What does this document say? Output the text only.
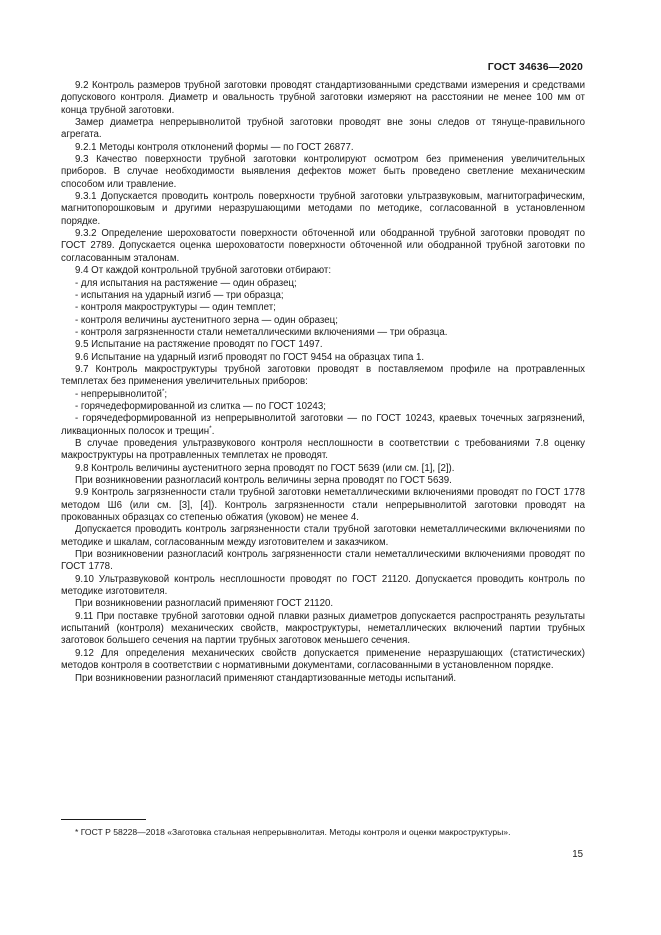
ГОСТ 34636—2020

9.2 Контроль размеров трубной заготовки проводят стандартизованными средствами измерения и средствами допускового контроля. Диаметр и овальность трубной заготовки измеряют на расстоянии не менее 100 мм от конца трубной заготовки.

Замер диаметра непрерывнолитой трубной заготовки проводят вне зоны следов от тянуще-правильного агрегата.

9.2.1 Методы контроля отклонений формы — по ГОСТ 26877.

9.3 Качество поверхности трубной заготовки контролируют осмотром без применения увеличительных приборов. В случае необходимости выявления дефектов может быть проведено светление механическим способом или травление.

9.3.1 Допускается проводить контроль поверхности трубной заготовки ультразвуковым, магнитографическим, магнитопорошковым и другими неразрушающими методами по методике, согласованной в установленном порядке.

9.3.2 Определение шероховатости поверхности обточенной или ободранной трубной заготовки проводят по ГОСТ 2789. Допускается оценка шероховатости поверхности обточенной или ободранной трубной заготовки по согласованным эталонам.

9.4 От каждой контрольной трубной заготовки отбирают:

- для испытания на растяжение — один образец;

- испытания на ударный изгиб — три образца;

- контроля макроструктуры — один темплет;

- контроля величины аустенитного зерна — один образец;

- контроля загрязненности стали неметаллическими включениями — три образца.

9.5 Испытание на растяжение проводят по ГОСТ 1497.

9.6 Испытание на ударный изгиб проводят по ГОСТ 9454 на образцах типа 1.

9.7 Контроль макроструктуры трубной заготовки проводят в поставляемом профиле на протравленных темплетах без применения увеличительных приборов:

- непрерывнолитой*;

- горячедеформированной из слитка — по ГОСТ 10243;

- горячедеформированной из непрерывнолитой заготовки — по ГОСТ 10243, краевых точечных загрязнений, ликвационных полосок и трещин*.

В случае проведения ультразвукового контроля несплошности в соответствии с требованиями 7.8 оценку макроструктуры на протравленных темплетах не проводят.

9.8 Контроль величины аустенитного зерна проводят по ГОСТ 5639 (или см. [1], [2]).

При возникновении разногласий контроль величины зерна проводят по ГОСТ 5639.

9.9 Контроль загрязненности стали трубной заготовки неметаллическими включениями проводят по ГОСТ 1778 методом Ш6 (или см. [3], [4]). Контроль загрязненности стали непрерывнолитой заготовки проводят на прокованных образцах со степенью обжатия (уковом) не менее 4.

Допускается проводить контроль загрязненности стали трубной заготовки неметаллическими включениями по методике и шкалам, согласованным между изготовителем и заказчиком.

При возникновении разногласий контроль загрязненности стали неметаллическими включениями проводят по ГОСТ 1778.

9.10 Ультразвуковой контроль несплошности проводят по ГОСТ 21120. Допускается проводить контроль по методике изготовителя.

При возникновении разногласий применяют ГОСТ 21120.

9.11 При поставке трубной заготовки одной плавки разных диаметров допускается распространять результаты испытаний (контроля) механических свойств, макроструктуры, неметаллических включений партии трубных заготовок большего сечения на партии трубных заготовок меньшего сечения.

9.12 Для определения механических свойств допускается применение неразрушающих (статистических) методов контроля в соответствии с нормативными документами, согласованными в установленном порядке.

При возникновении разногласий применяют стандартизованные методы испытаний.

* ГОСТ Р 58228—2018 «Заготовка стальная непрерывнолитая. Методы контроля и оценки макроструктуры».
15
